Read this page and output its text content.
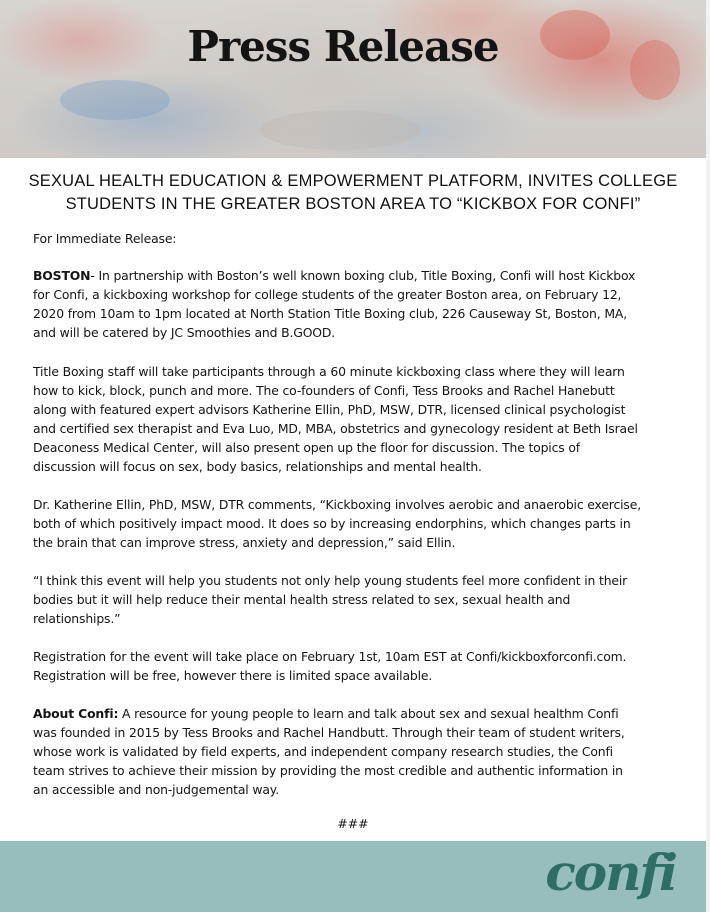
Press Release
SEXUAL HEALTH EDUCATION & EMPOWERMENT PLATFORM, INVITES COLLEGE
STUDENTS IN THE GREATER BOSTON AREA TO “KICKBOX FOR CONFI”
For Immediate Release:
BOSTON- In partnership with Boston’s well known boxing club, Title Boxing, Confi will host Kickbox
for Confi, a kickboxing workshop for college students of the greater Boston area, on February 12,
2020 from 10am to 1pm located at North Station Title Boxing club, 226 Causeway St, Boston, MA,
and will be catered by JC Smoothies and B.GOOD.
Title Boxing staff will take participants through a 60 minute kickboxing class where they will learn
how to kick, block, punch and more. The co-founders of Confi, Tess Brooks and Rachel Hanebutt
along with featured expert advisors Katherine Ellin, PhD, MSW, DTR, licensed clinical psychologist
and certified sex therapist and Eva Luo, MD, MBA, obstetrics and gynecology resident at Beth Israel
Deaconess Medical Center, will also present open up the floor for discussion. The topics of
discussion will focus on sex, body basics, relationships and mental health.
Dr. Katherine Ellin, PhD, MSW, DTR comments, “Kickboxing involves aerobic and anaerobic exercise,
both of which positively impact mood. It does so by increasing endorphins, which changes parts in
the brain that can improve stress, anxiety and depression,” said Ellin.
“I think this event will help you students not only help young students feel more confident in their
bodies but it will help reduce their mental health stress related to sex, sexual health and
relationships.”
Registration for the event will take place on February 1st, 10am EST at Confi/kickboxforconfi.com.
Registration will be free, however there is limited space available.
About Confi: A resource for young people to learn and talk about sex and sexual healthm Confi
was founded in 2015 by Tess Brooks and Rachel Handbutt. Through their team of student writers,
whose work is validated by field experts, and independent company research studies, the Confi
team strives to achieve their mission by providing the most credible and authentic information in
an accessible and non-judgemental way.
###
confi
